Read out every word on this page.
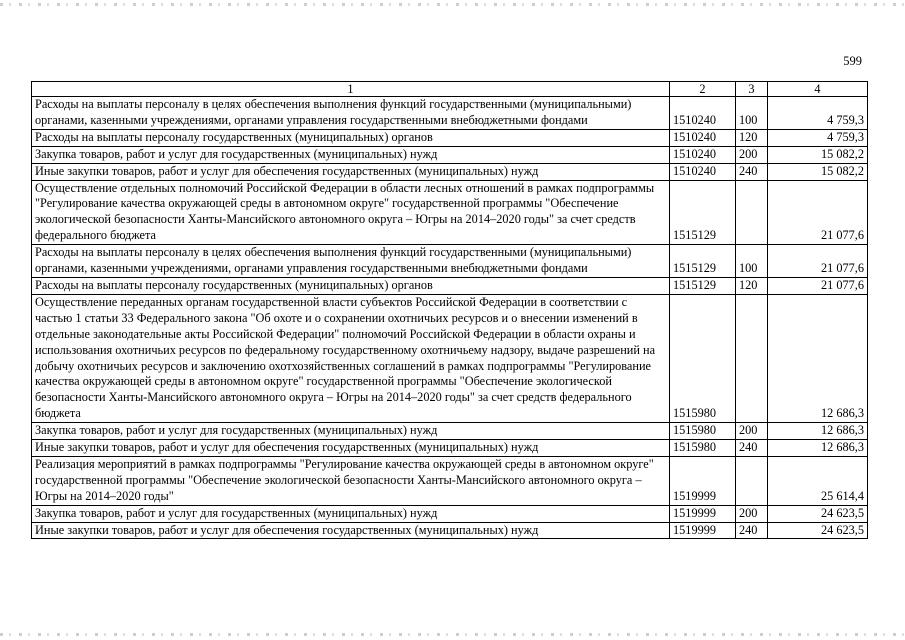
599
1	2	3	4
Расходы на выплаты персоналу в целях обеспечения выполнения функций государственными (муниципальными) органами, казенными учреждениями, органами управления государственными внебюджетными фондами	1510240	100	4 759,3
Расходы на выплаты персоналу государственных (муниципальных) органов	1510240	120	4 759,3
Закупка товаров, работ и услуг для государственных (муниципальных) нужд	1510240	200	15 082,2
Иные закупки товаров, работ и услуг для обеспечения государственных (муниципальных) нужд	1510240	240	15 082,2
Осуществление отдельных полномочий Российской Федерации в области лесных отношений в рамках подпрограммы "Регулирование качества окружающей среды в автономном округе" государственной программы "Обеспечение экологической безопасности Ханты-Мансийского автономного округа – Югры на 2014–2020 годы" за счет средств федерального бюджета	1515129		21 077,6
Расходы на выплаты персоналу в целях обеспечения выполнения функций государственными (муниципальными) органами, казенными учреждениями, органами управления государственными внебюджетными фондами	1515129	100	21 077,6
Расходы на выплаты персоналу государственных (муниципальных) органов	1515129	120	21 077,6
Осуществление переданных органам государственной власти субъектов Российской Федерации в соответствии с частью 1 статьи 33 Федерального закона "Об охоте и о сохранении охотничьих ресурсов и о внесении изменений в отдельные законодательные акты Российской Федерации" полномочий Российской Федерации в области охраны и использования охотничьих ресурсов по федеральному государственному охотничьему надзору, выдаче разрешений на добычу охотничьих ресурсов и заключению охотхозяйственных соглашений в рамках подпрограммы "Регулирование качества окружающей среды в автономном округе" государственной программы "Обеспечение экологической безопасности Ханты-Мансийского автономного округа – Югры на 2014–2020 годы" за счет средств федерального бюджета	1515980		12 686,3
Закупка товаров, работ и услуг для государственных (муниципальных) нужд	1515980	200	12 686,3
Иные закупки товаров, работ и услуг для обеспечения государственных (муниципальных) нужд	1515980	240	12 686,3
Реализация мероприятий в рамках подпрограммы "Регулирование качества окружающей среды в автономном округе" государственной программы "Обеспечение экологической безопасности Ханты-Мансийского автономного округа – Югры на 2014–2020 годы"	1519999		25 614,4
Закупка товаров, работ и услуг для государственных (муниципальных) нужд	1519999	200	24 623,5
Иные закупки товаров, работ и услуг для обеспечения государственных (муниципальных) нужд	1519999	240	24 623,5
